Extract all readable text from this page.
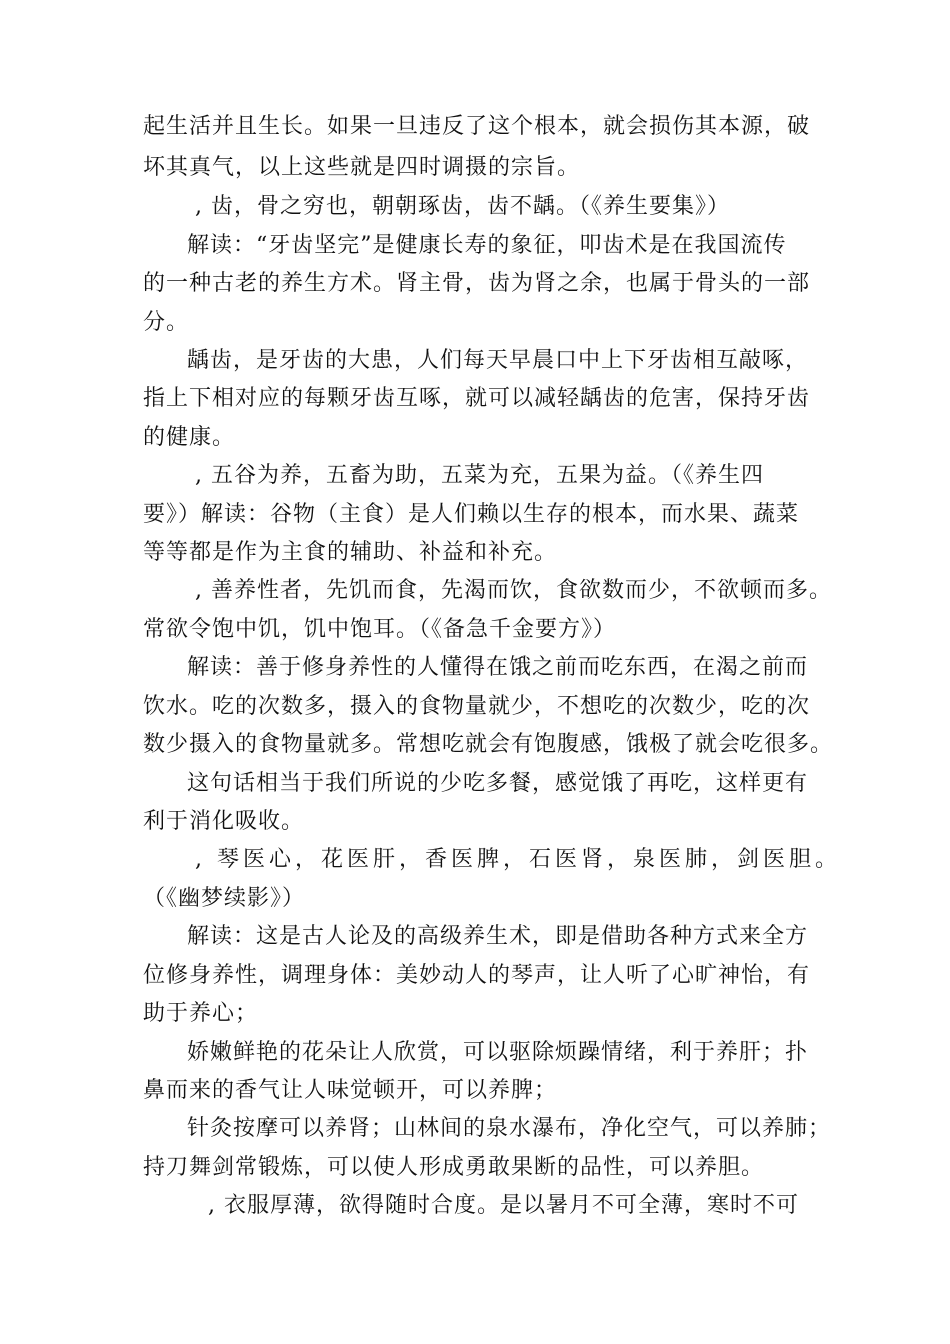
起生活并且生长。如果一旦违反了这个根本，就会损伤其本源，破
坏其真气，以上这些就是四时调摄的宗旨。
, 齿，骨之穷也，朝朝琢齿，齿不龋。（《养生要集》）
解读：“牙齿坚完”是健康长寿的象征，叩齿术是在我国流传
的一种古老的养生方术。肾主骨，齿为肾之余，也属于骨头的一部
分。
龋齿，是牙齿的大患，人们每天早晨口中上下牙齿相互敲啄，
指上下相对应的每颗牙齿互啄，就可以减轻龋齿的危害，保持牙齿
的健康。
, 五谷为养，五畜为助，五菜为充，五果为益。（《养生四
要》）解读：谷物（主食）是人们赖以生存的根本，而水果、蔬菜
等等都是作为主食的辅助、补益和补充。
, 善养性者，先饥而食，先渴而饮，食欲数而少，不欲顿而多。
常欲令饱中饥，饥中饱耳。（《备急千金要方》）
解读：善于修身养性的人懂得在饿之前而吃东西，在渴之前而
饮水。吃的次数多，摄入的食物量就少，不想吃的次数少，吃的次
数少摄入的食物量就多。常想吃就会有饱腹感，饿极了就会吃很多。
这句话相当于我们所说的少吃多餐，感觉饿了再吃，这样更有
利于消化吸收。
, 琴医心，花医肝，香医脾，石医肾，泉医肺，剑医胆。
（《幽梦续影》）
解读：这是古人论及的高级养生术，即是借助各种方式来全方
位修身养性，调理身体：美妙动人的琴声，让人听了心旷神怡，有
助于养心；
娇嫩鲜艳的花朵让人欣赏，可以驱除烦躁情绪，利于养肝；扑
鼻而来的香气让人味觉顿开，可以养脾；
针灸按摩可以养肾；山林间的泉水瀑布，净化空气，可以养肺；
持刀舞剑常锻炼，可以使人形成勇敢果断的品性，可以养胆。
, 衣服厚薄，欲得随时合度。是以暑月不可全薄，寒时不可
